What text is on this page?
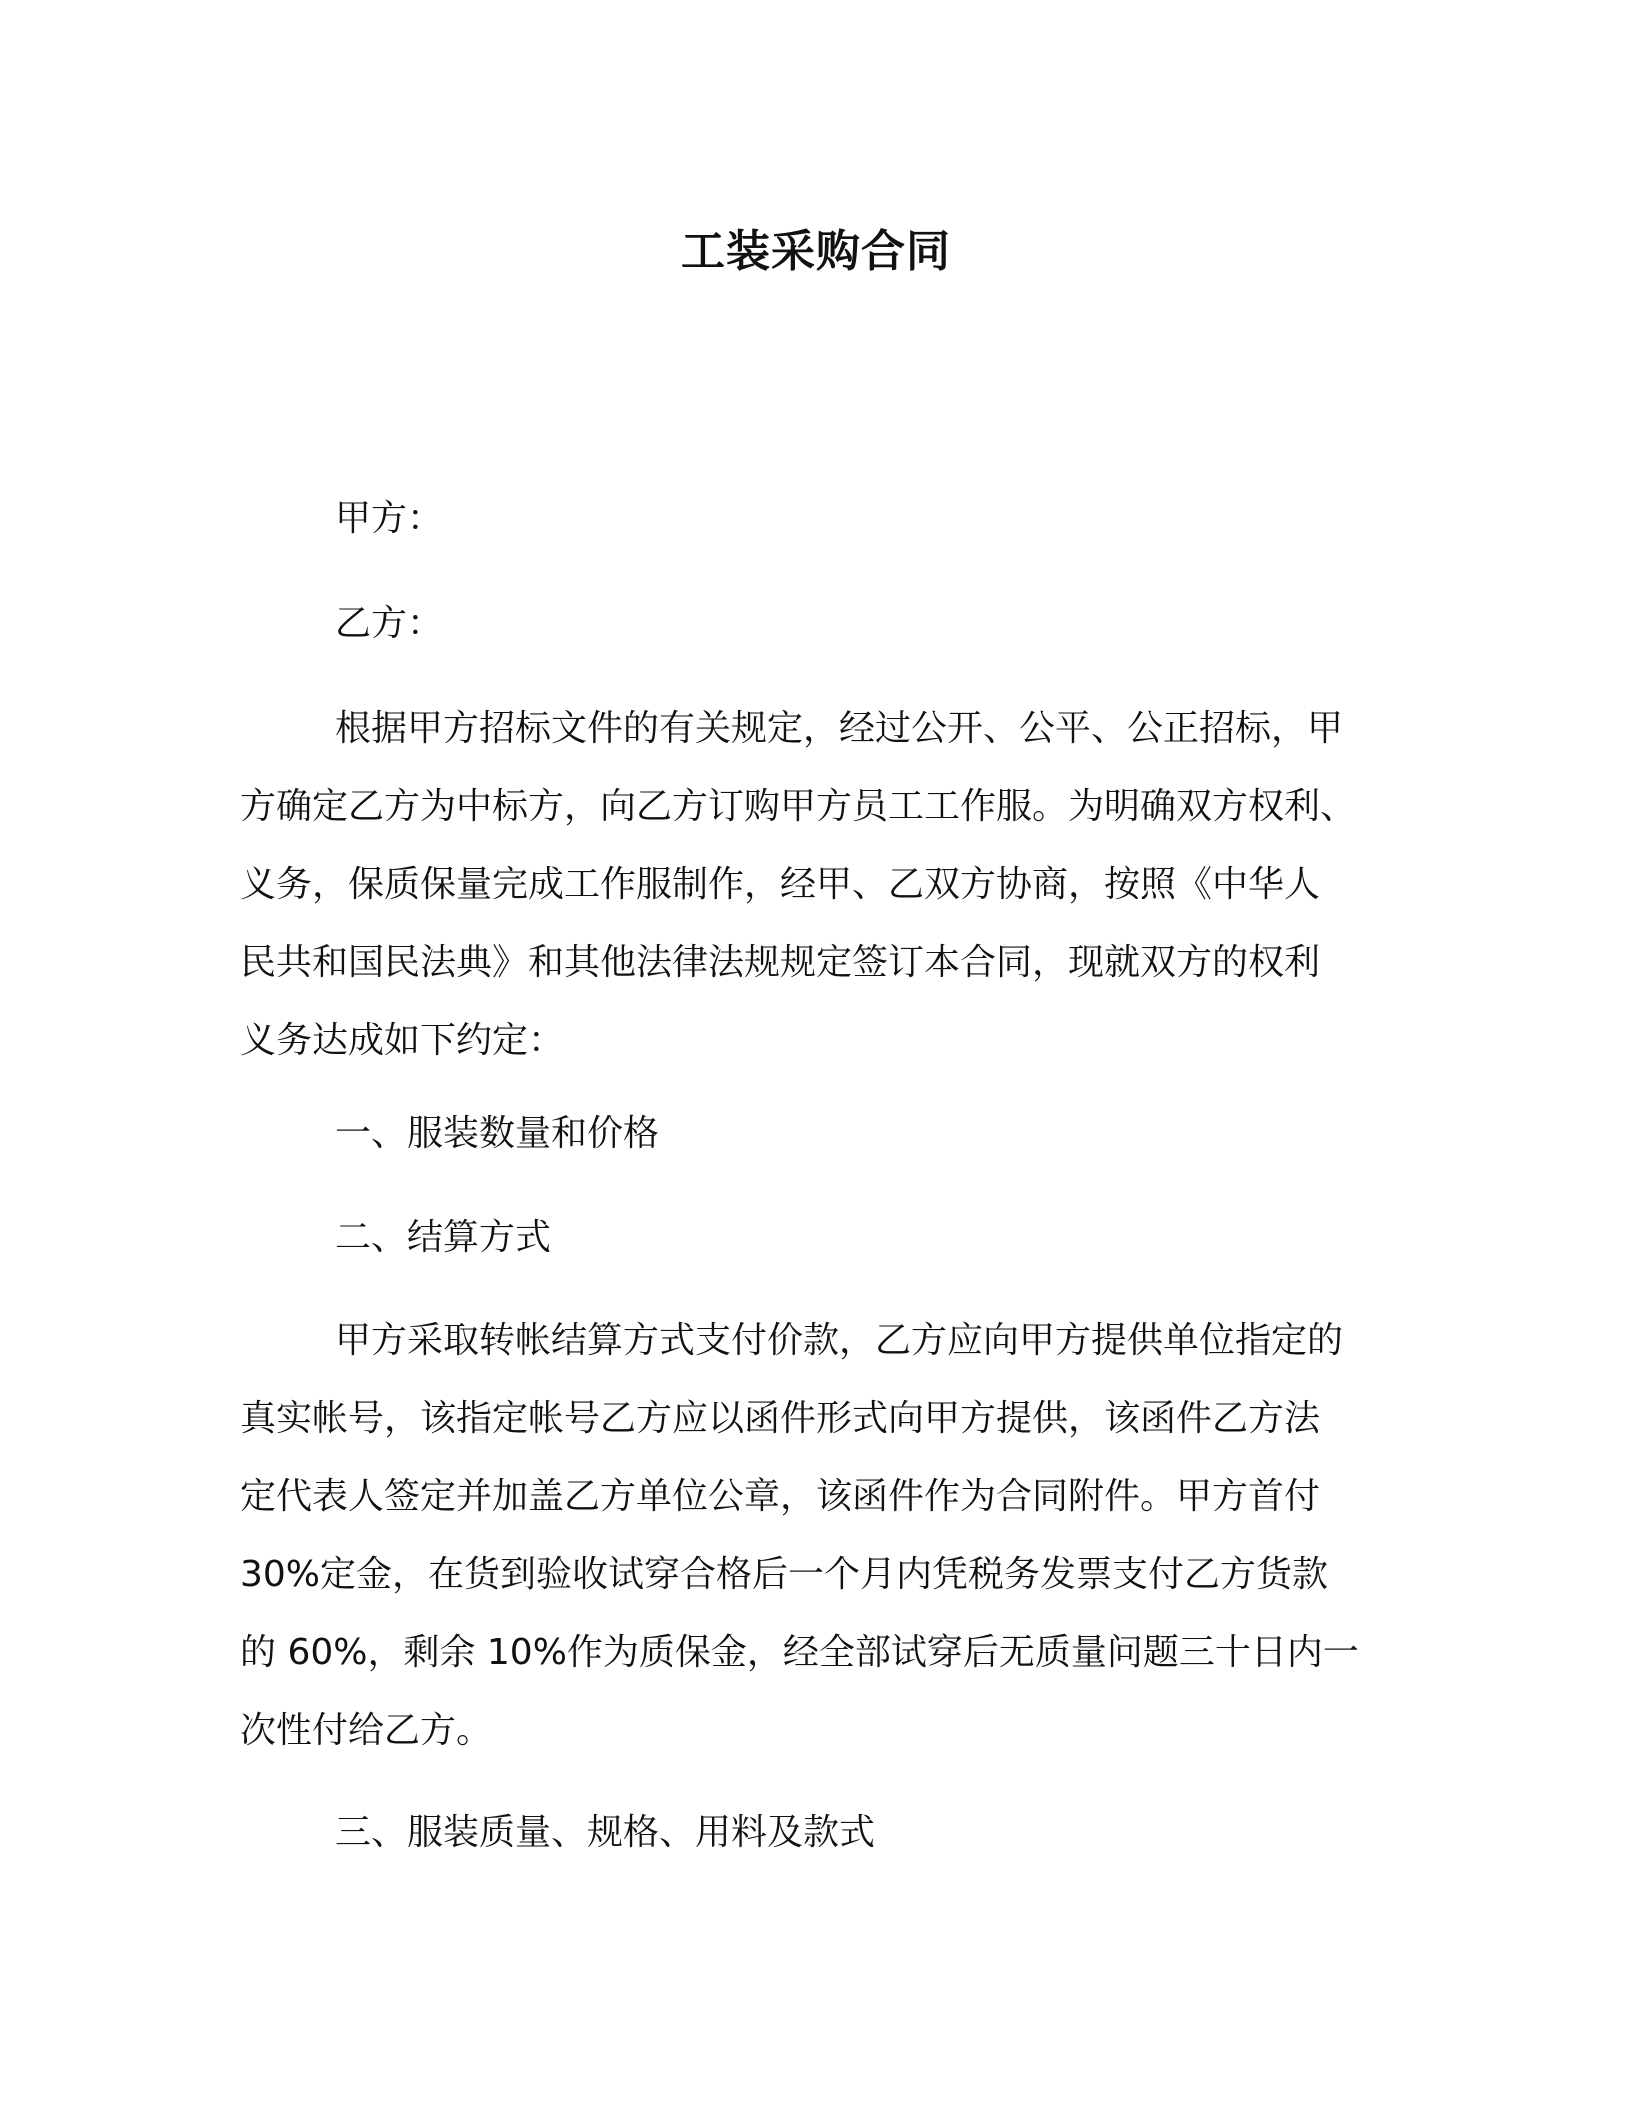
工装采购合同
甲方：
乙方：
根据甲方招标文件的有关规定，经过公开、公平、公正招标，甲
方确定乙方为中标方，向乙方订购甲方员工工作服。为明确双方权利、
义务，保质保量完成工作服制作，经甲、乙双方协商，按照《中华人
民共和国民法典》和其他法律法规规定签订本合同，现就双方的权利
义务达成如下约定：
一、服装数量和价格
二、结算方式
甲方采取转帐结算方式支付价款，乙方应向甲方提供单位指定的
真实帐号，该指定帐号乙方应以函件形式向甲方提供，该函件乙方法
定代表人签定并加盖乙方单位公章，该函件作为合同附件。甲方首付
30%定金，在货到验收试穿合格后一个月内凭税务发票支付乙方货款
的 60%，剩余 10%作为质保金，经全部试穿后无质量问题三十日内一
次性付给乙方。
三、服装质量、规格、用料及款式
